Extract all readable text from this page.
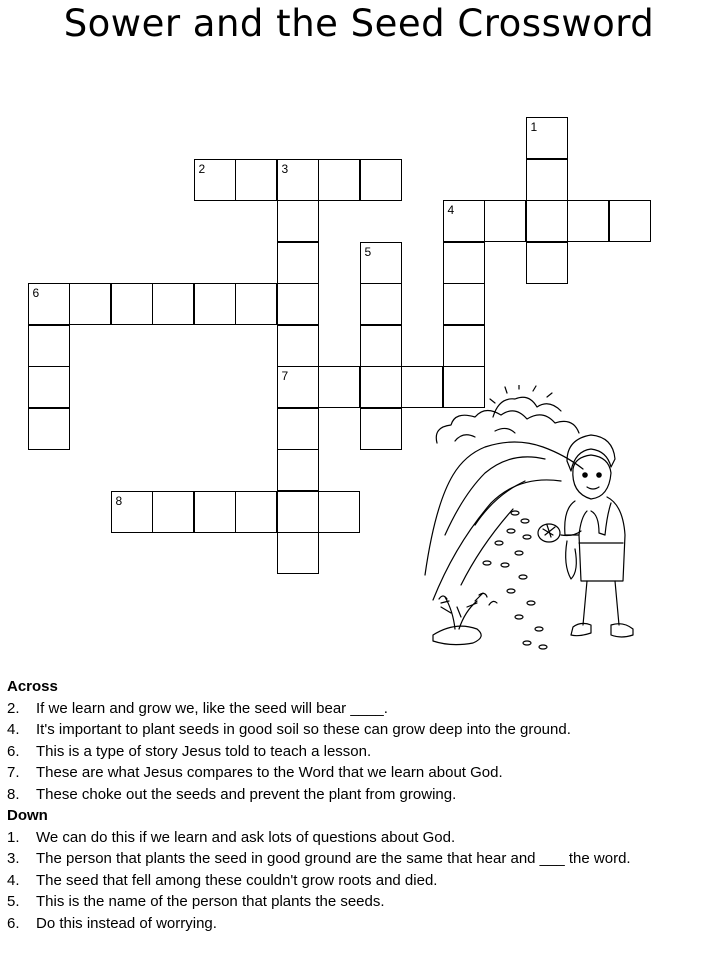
Sower and the Seed Crossword
1
2	3
4
7
5
6
8
Across
2.	If we learn and grow we, like the seed will bear ____.
4.	It's important to plant seeds in good soil so these can grow deep into the ground.
6.	This is a type of story Jesus told to teach a lesson.
7.	These are what Jesus compares to the Word that we learn about God.
8.	These choke out the seeds and prevent the plant from growing.
Down
1.	We can do this if we learn and ask lots of questions about God.
3.	The person that plants the seed in good ground are the same that hear and ___ the word.
4.	The seed that fell among these couldn't grow roots and died.
5.	This is the name of the person that plants the seeds.
6.	Do this instead of worrying.
